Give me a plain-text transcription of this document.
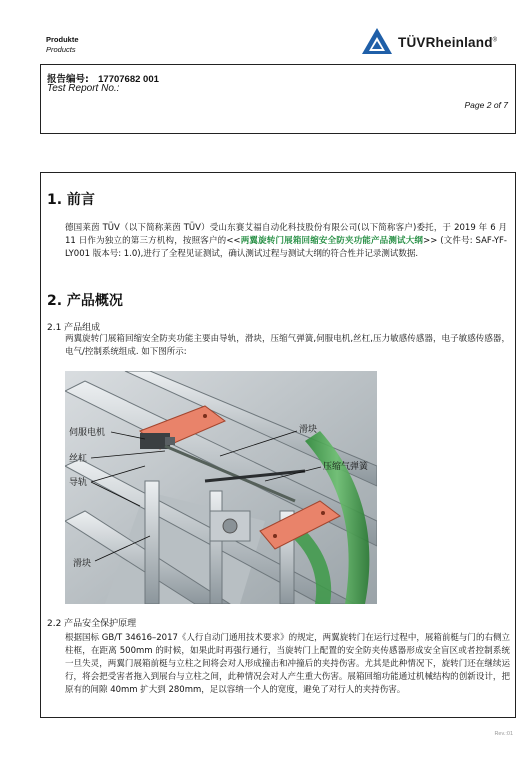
Produkte
Products	TÜVRheinland®
报告编号: 17707682 001
Test Report No.:
Page 2 of 7
1. 前言
德国莱茵 TÜV（以下简称莱茵 TÜV）受山东赛艾福自动化科技股份有限公司(以下简称客户)委托，于 2019 年 6 月 11 日作为独立的第三方机构，按照客户的<<两翼旋转门展箱回缩安全防夹功能产品测试大纲>> (文件号: SAF-YF-LY001 版本号: 1.0),进行了全程见证测试，确认测试过程与测试大纲的符合性并记录测试数据.
2. 产品概况
2.1 产品组成
两翼旋转门展箱回缩安全防夹功能主要由导轨，滑块，压缩气弹簧,伺服电机,丝杠,压力敏感传感器，电子敏感传感器，电气/控制系统组成. 如下图所示:
伺服电机
丝杠
导轨
滑块
压缩气弹簧
滑块
2.2 产品安全保护原理
根据国标 GB/T 34616–2017《人行自动门通用技术要求》的规定，两翼旋转门在运行过程中，展箱前梃与门的右侧立柱框，在距离 500mm 的时候，如果此时再强行通行，当旋转门上配置的安全防夹传感器形成安全盲区或者控制系统一旦失灵，两翼门展箱前梃与立柱之间将会对人形成撞击和冲撞后的夹持伤害。尤其是此种情况下，旋转门还在继续运行，将会把受害者拖入到展台与立柱之间，此种情况会对人产生重大伤害。展箱回缩功能通过机械结构的创新设计，把原有的间隙 40mm 扩大到 280mm，足以容纳一个人的宽度，避免了对行人的夹持伤害。
Rev.:01
